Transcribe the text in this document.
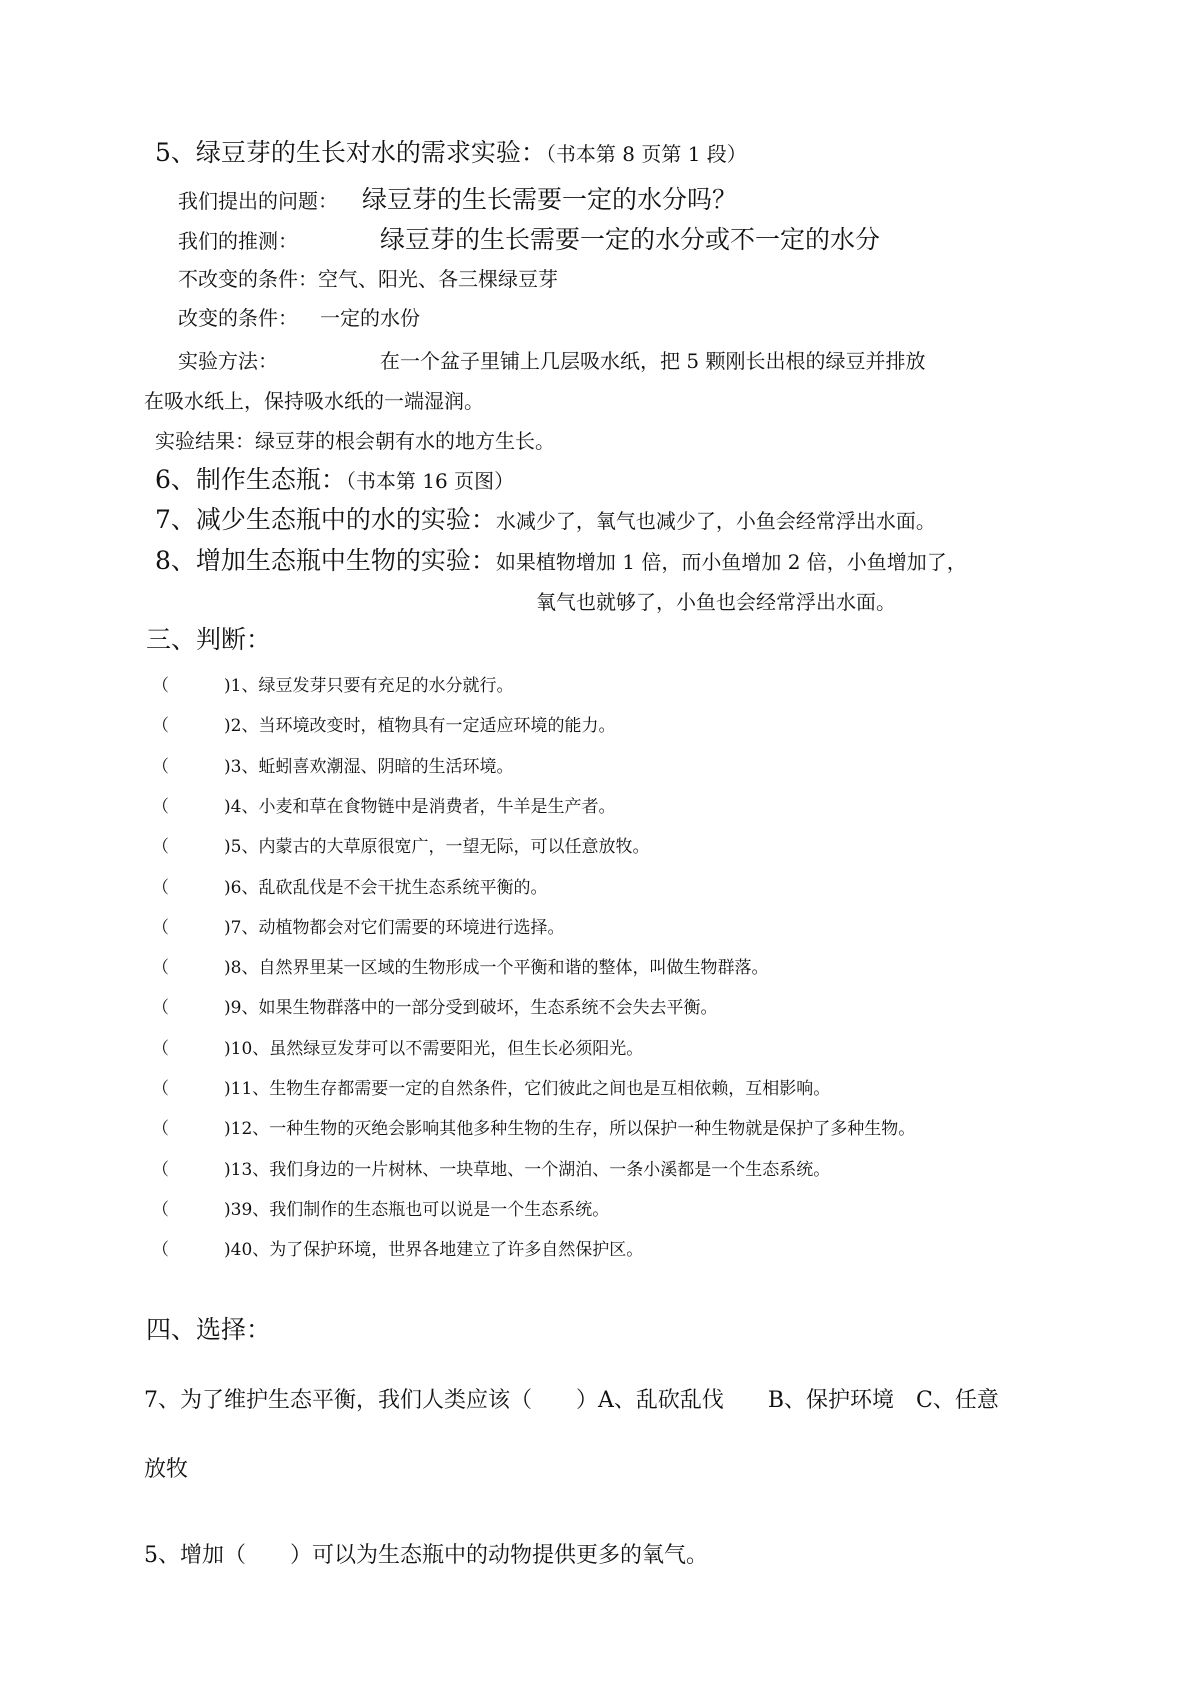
5、绿豆芽的生长对水的需求实验：（书本第 8 页第 1 段）
我们提出的问题： 绿豆芽的生长需要一定的水分吗？
我们的推测：	绿豆芽的生长需要一定的水分或不一定的水分
不改变的条件：空气、阳光、各三棵绿豆芽
改变的条件： 一定的水份
实验方法：	在一个盆子里铺上几层吸水纸，把 5 颗刚长出根的绿豆并排放
在吸水纸上，保持吸水纸的一端湿润。
实验结果：绿豆芽的根会朝有水的地方生长。
6、制作生态瓶：（书本第 16 页图）
7、减少生态瓶中的水的实验：水减少了，氧气也减少了，小鱼会经常浮出水面。
8、增加生态瓶中生物的实验：如果植物增加 1 倍，而小鱼增加 2 倍，小鱼增加了，
氧气也就够了，小鱼也会经常浮出水面。
三、判断：
（	)1、绿豆发芽只要有充足的水分就行。
（	)2、当环境改变时，植物具有一定适应环境的能力。
（	)3、蚯蚓喜欢潮湿、阴暗的生活环境。
（	)4、小麦和草在食物链中是消费者，牛羊是生产者。
（	)5、内蒙古的大草原很宽广，一望无际，可以任意放牧。
（	)6、乱砍乱伐是不会干扰生态系统平衡的。
（	)7、动植物都会对它们需要的环境进行选择。
（	)8、自然界里某一区域的生物形成一个平衡和谐的整体，叫做生物群落。
（	)9、如果生物群落中的一部分受到破坏，生态系统不会失去平衡。
（	)10、虽然绿豆发芽可以不需要阳光，但生长必须阳光。
（	)11、生物生存都需要一定的自然条件，它们彼此之间也是互相依赖，互相影响。
（	)12、一种生物的灭绝会影响其他多种生物的生存，所以保护一种生物就是保护了多种生物。
（	)13、我们身边的一片树林、一块草地、一个湖泊、一条小溪都是一个生态系统。
（	)39、我们制作的生态瓶也可以说是一个生态系统。
（	)40、为了保护环境，世界各地建立了许多自然保护区。
四、选择：
7、为了维护生态平衡，我们人类应该（　　）A、乱砍乱伐　　B、保护环境　C、任意
放牧
5、增加（　　）可以为生态瓶中的动物提供更多的氧气。
